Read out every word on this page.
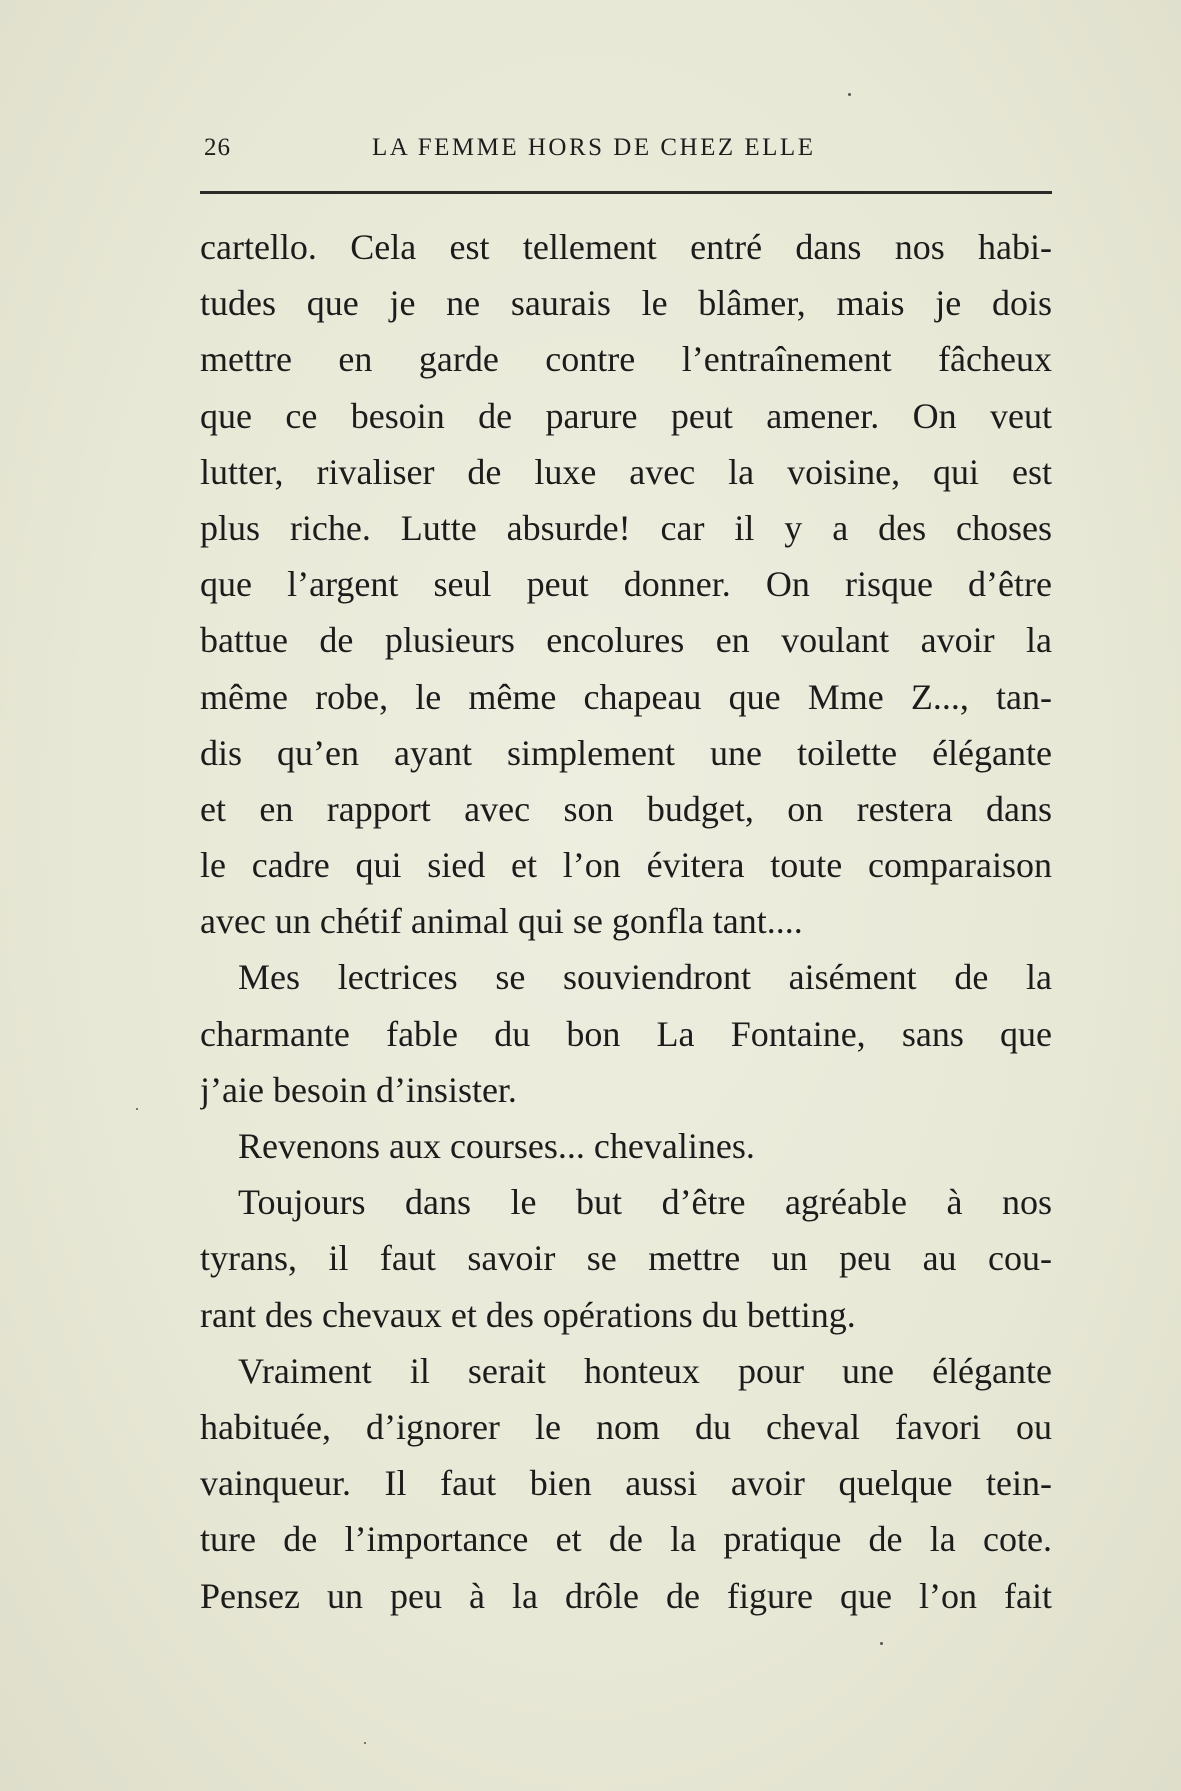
26	LA FEMME HORS DE CHEZ ELLE
cartello. Cela est tellement entré dans nos habi-
tudes que je ne saurais le blâmer, mais je dois
mettre en garde contre l’entraînement fâcheux
que ce besoin de parure peut amener. On veut
lutter, rivaliser de luxe avec la voisine, qui est
plus riche. Lutte absurde! car il y a des choses
que l’argent seul peut donner. On risque d’être
battue de plusieurs encolures en voulant avoir la
même robe, le même chapeau que Mme Z..., tan-
dis qu’en ayant simplement une toilette élégante
et en rapport avec son budget, on restera dans
le cadre qui sied et l’on évitera toute comparaison
avec un chétif animal qui se gonfla tant....
Mes lectrices se souviendront aisément de la
charmante fable du bon La Fontaine, sans que
j’aie besoin d’insister.
Revenons aux courses... chevalines.
Toujours dans le but d’être agréable à nos
tyrans, il faut savoir se mettre un peu au cou-
rant des chevaux et des opérations du betting.
Vraiment il serait honteux pour une élégante
habituée, d’ignorer le nom du cheval favori ou
vainqueur. Il faut bien aussi avoir quelque tein-
ture de l’importance et de la pratique de la cote.
Pensez un peu à la drôle de figure que l’on fait
